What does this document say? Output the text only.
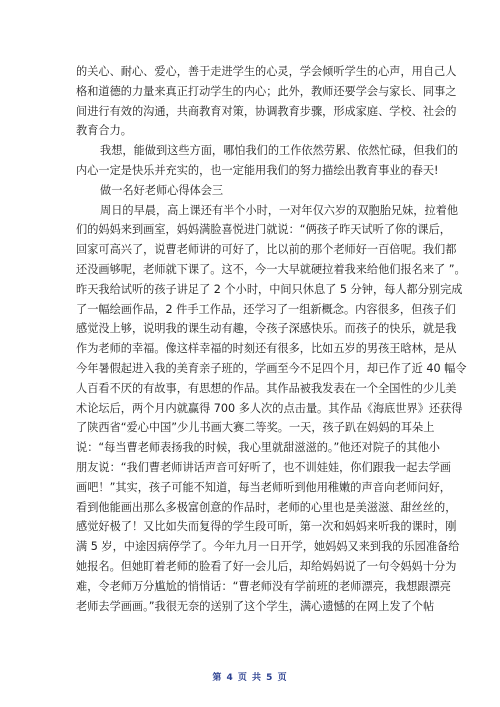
的关心、耐心、爱心，善于走进学生的心灵，学会倾听学生的心声，用自己人
格和道德的力量来真正打动学生的内心；此外，教师还要学会与家长、同事之
间进行有效的沟通，共商教育对策，协调教育步骤，形成家庭、学校、社会的
教育合力。
我想，能做到这些方面，哪怕我们的工作依然劳累、依然忙碌，但我们的
内心一定是快乐并充实的，也一定能用我们的努力描绘出教育事业的春天!
做一名好老师心得体会三
周日的早晨，高上课还有半个小时，一对年仅六岁的双胞胎兄妹，拉着他
们的妈妈来到画室，妈妈满脸喜悦进门就说：“俩孩子昨天试听了你的课后，
回家可高兴了，说曹老师讲的可好了，比以前的那个老师好一百倍呢。我们都
还没画够呢，老师就下课了。这不，今一大早就硬拉着我来给他们报名来了 ”。
昨天我给试听的孩子讲足了 2 个小时，中间只休息了 5 分钟，每人都分别完成
了一幅绘画作品，2 件手工作品，还学习了一组新概念。内容很多，但孩子们
感觉没上够，说明我的课生动有趣，令孩子深感快乐。而孩子的快乐，就是我
作为老师的幸福。像这样幸福的时刻还有很多，比如五岁的男孩王晗林，是从
今年暑假起进入我的美育亲子班的，学画至今不足四个月，却已作了近 40 幅令
人百看不厌的有故事，有思想的作品。其作品被我发表在一个全国性的少儿美
术论坛后，两个月内就赢得 700 多人次的点击量。其作品《海底世界》还获得
了陕西省“爱心中国”少儿书画大赛二等奖。一天，孩子趴在妈妈的耳朵上
说：“每当曹老师表扬我的时候，我心里就甜滋滋的。”他还对院子的其他小
朋友说：“我们曹老师讲话声音可好听了，也不训娃娃，你们跟我一起去学画
画吧！”其实，孩子可能不知道，每当老师听到他用稚嫩的声音向老师问好，
看到他能画出那么多极富创意的作品时，老师的心里也是美滋滋、甜丝丝的，
感觉好极了！又比如失而复得的学生段可昕，第一次和妈妈来听我的课时，刚
满 5 岁，中途因病停学了。今年九月一日开学，她妈妈又来到我的乐园准备给
她报名。但她盯着老师的脸看了好一会儿后，却给妈妈说了一句令妈妈十分为
难，令老师万分尴尬的悄悄话：“曹老师没有学前班的老师漂亮，我想跟漂亮
老师去学画画。”我很无奈的送别了这个学生，满心遗憾的在网上发了个帖
第 4 页 共 5 页
